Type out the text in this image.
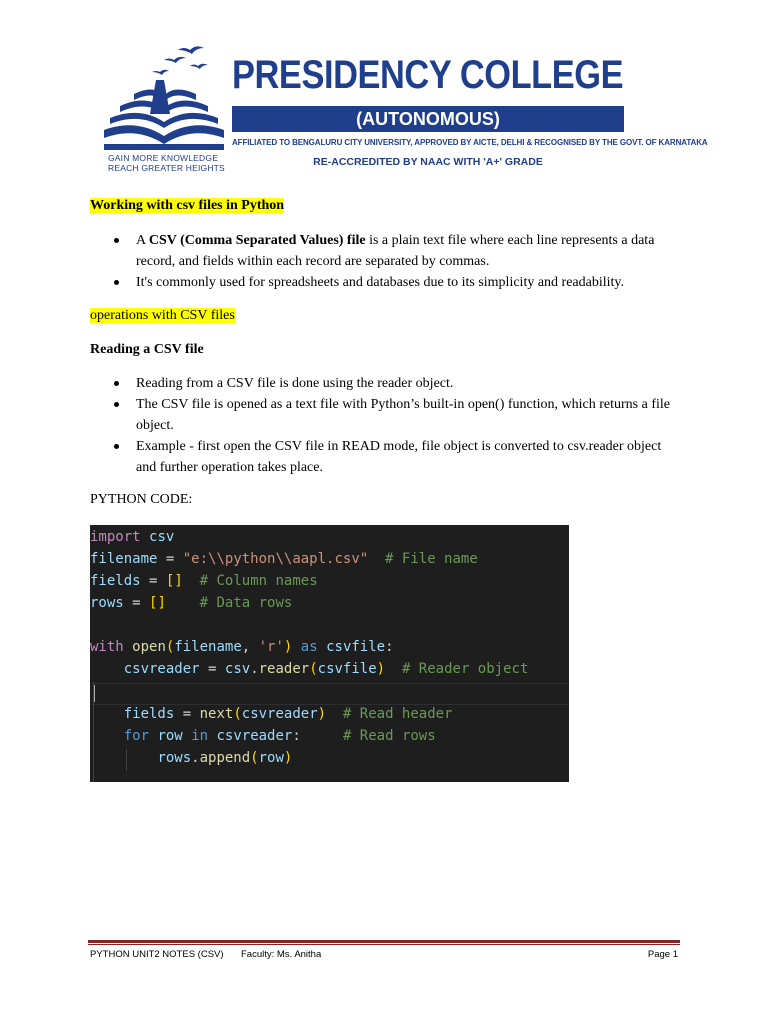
GAIN MORE KNOWLEDGE
REACH GREATER HEIGHTS
PRESIDENCY COLLEGE
(AUTONOMOUS)
AFFILIATED TO BENGALURU CITY UNIVERSITY, APPROVED BY AICTE, DELHI & RECOGNISED BY THE GOVT. OF KARNATAKA
RE-ACCREDITED BY NAAC WITH 'A+' GRADE
Working with csv files in Python
A CSV (Comma Separated Values) file is a plain text file where each line represents a data record, and fields within each record are separated by commas.
It's commonly used for spreadsheets and databases due to its simplicity and readability.
operations with CSV files
Reading a CSV file
Reading from a CSV file is done using the reader object.
The CSV file is opened as a text file with Python’s built-in open() function, which returns a file object.
Example - first open the CSV file in READ mode, file object is converted to csv.reader object and further operation takes place.
PYTHON CODE:
import csv
filename = "e:\\python\\aapl.csv" # File name
fields = [] # Column names
rows = [] # Data rows
with open(filename, 'r') as csvfile:
csvreader = csv.reader(csvfile) # Reader object
fields = next(csvreader) # Read header
for row in csvreader:	# Read rows
rows.append(row)
PYTHON UNIT2 NOTES (CSV) Faculty: Ms. Anitha	Page 1
